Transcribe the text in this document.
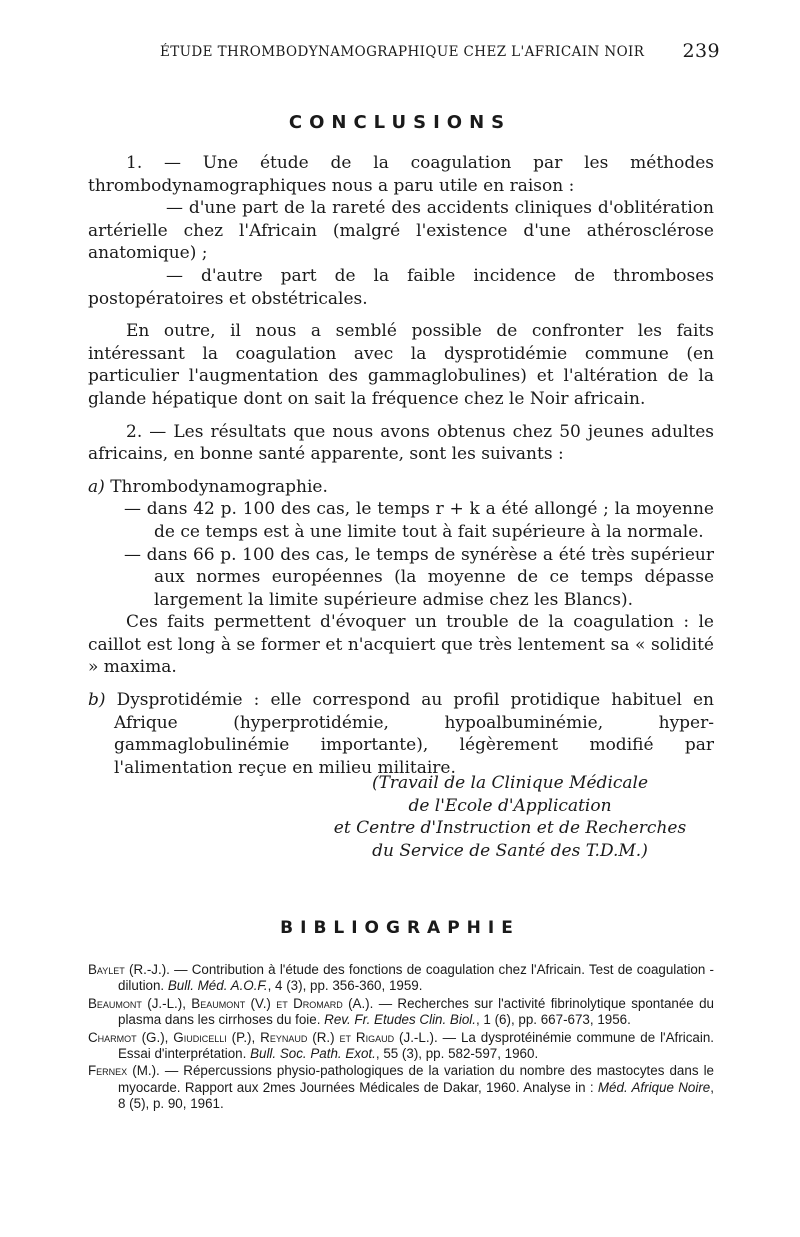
ÉTUDE THROMBODYNAMOGRAPHIQUE CHEZ L'AFRICAIN NOIR 239
CONCLUSIONS

1. — Une étude de la coagulation par les méthodes thrombodynamographiques nous a paru utile en raison :

— d'une part de la rareté des accidents cliniques d'oblitération artérielle chez l'Africain (malgré l'existence d'une athérosclérose anatomique) ;

— d'autre part de la faible incidence de thromboses postopératoires et obstétricales.

En outre, il nous a semblé possible de confronter les faits intéressant la coagulation avec la dysprotidémie commune (en particulier l'augmentation des gammaglobulines) et l'altération de la glande hépatique dont on sait la fréquence chez le Noir africain.

2. — Les résultats que nous avons obtenus chez 50 jeunes adultes africains, en bonne santé apparente, sont les suivants :

a) Thrombodynamographie.

— dans 42 p. 100 des cas, le temps r + k a été allongé ; la moyenne de ce temps est à une limite tout à fait supérieure à la normale.

— dans 66 p. 100 des cas, le temps de synérèse a été très supérieur aux normes européennes (la moyenne de ce temps dépasse largement la limite supérieure admise chez les Blancs).

Ces faits permettent d'évoquer un trouble de la coagulation : le caillot est long à se former et n'acquiert que très lentement sa « solidité » maxima.

b) Dysprotidémie : elle correspond au profil protidique habituel en Afrique (hyperprotidémie, hypoalbuminémie, hyper-gammaglobulinémie importante), légèrement modifié par l'alimentation reçue en milieu militaire.

(Travail de la Clinique Médicale
de l'Ecole d'Application
et Centre d'Instruction et de Recherches
du Service de Santé des T.D.M.)
BIBLIOGRAPHIE

Baylet (R.-J.). — Contribution à l'étude des fonctions de coagulation chez l'Africain. Test de coagulation - dilution. Bull. Méd. A.O.F., 4 (3), pp. 356-360, 1959.

Beaumont (J.-L.), Beaumont (V.) et Dromard (A.). — Recherches sur l'activité fibrinolytique spontanée du plasma dans les cirrhoses du foie. Rev. Fr. Etudes Clin. Biol., 1 (6), pp. 667-673, 1956.

Charmot (G.), Giudicelli (P.), Reynaud (R.) et Rigaud (J.-L.). — La dysprotéinémie commune de l'Africain. Essai d'interprétation. Bull. Soc. Path. Exot., 55 (3), pp. 582-597, 1960.

Fernex (M.). — Répercussions physio-pathologiques de la variation du nombre des mastocytes dans le myocarde. Rapport aux 2mes Journées Médicales de Dakar, 1960. Analyse in : Méd. Afrique Noire, 8 (5), p. 90, 1961.
